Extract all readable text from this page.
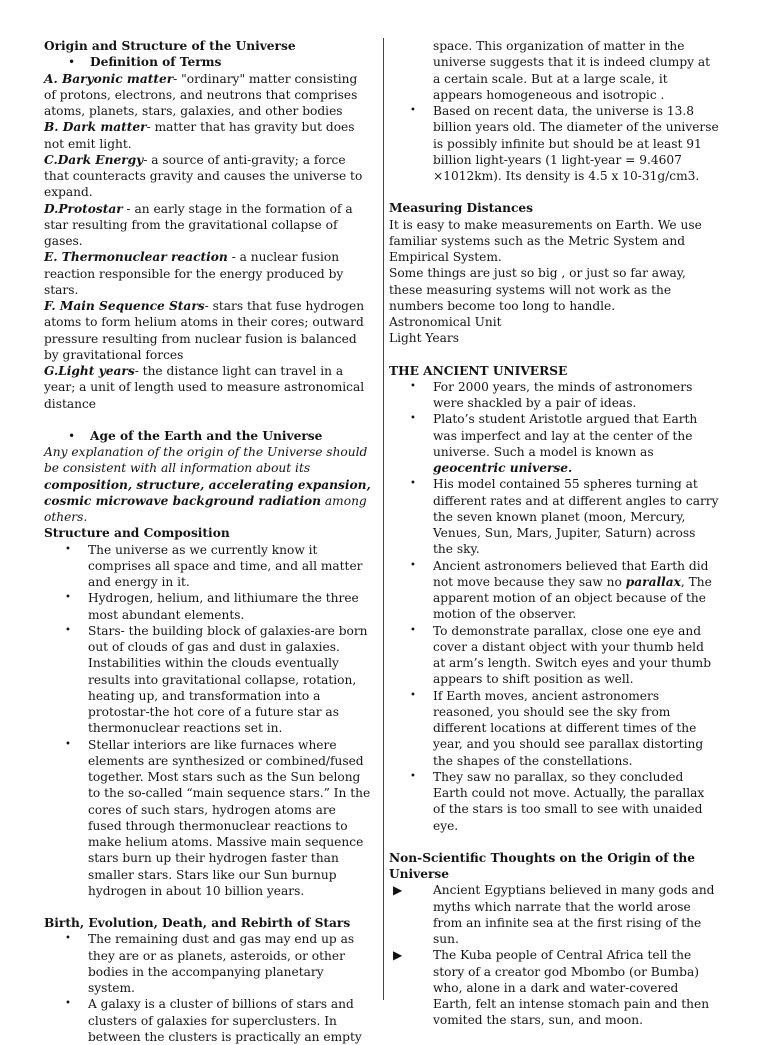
Origin and Structure of the Universe

•	Definition of Terms

A. Baryonic matter- "ordinary" matter consisting of protons, electrons, and neutrons that comprises atoms, planets, stars, galaxies, and other bodies

B. Dark matter- matter that has gravity but does not emit light.

C.Dark Energy- a source of anti-gravity; a force that counteracts gravity and causes the universe to expand.

D.Protostar - an early stage in the formation of a star resulting from the gravitational collapse of gases.

E. Thermonuclear reaction - a nuclear fusion reaction responsible for the energy produced by stars.

F. Main Sequence Stars- stars that fuse hydrogen atoms to form helium atoms in their cores; outward pressure resulting from nuclear fusion is balanced by gravitational forces

G.Light years- the distance light can travel in a year; a unit of length used to measure astronomical distance

•	Age of the Earth and the Universe

Any explanation of the origin of the Universe should be consistent with all information about its composition, structure, accelerating expansion, cosmic microwave background radiation among others.

Structure and Composition

• The universe as we currently know it comprises all space and time, and all matter and energy in it.
• Hydrogen, helium, and lithiumare the three most abundant elements.
• Stars- the building block of galaxies-are born out of clouds of gas and dust in galaxies. Instabilities within the clouds eventually results into gravitational collapse, rotation, heating up, and transformation into a protostar-the hot core of a future star as thermonuclear reactions set in.
• Stellar interiors are like furnaces where elements are synthesized or combined/fused together. Most stars such as the Sun belong to the so-called “main sequence stars.” In the cores of such stars, hydrogen atoms are fused through thermonuclear reactions to make helium atoms. Massive main sequence stars burn up their hydrogen faster than smaller stars. Stars like our Sun burnup hydrogen in about 10 billion years.

Birth, Evolution, Death, and Rebirth of Stars

• The remaining dust and gas may end up as they are or as planets, asteroids, or other bodies in the accompanying planetary system.
• A galaxy is a cluster of billions of stars and clusters of galaxies for superclusters. In between the clusters is practically an empty
space. This organization of matter in the universe suggests that it is indeed clumpy at a certain scale. But at a large scale, it appears homogeneous and isotropic .
• Based on recent data, the universe is 13.8 billion years old. The diameter of the universe is possibly infinite but should be at least 91 billion light-years (1 light-year = 9.4607 ×1012km). Its density is 4.5 x 10-31g/cm3.

Measuring Distances

It is easy to make measurements on Earth. We use familiar systems such as the Metric System and Empirical System.

Some things are just so big , or just so far away, these measuring systems will not work as the numbers become too long to handle.

Astronomical Unit

Light Years

THE ANCIENT UNIVERSE

• For 2000 years, the minds of astronomers were shackled by a pair of ideas.
• Plato’s student Aristotle argued that Earth was imperfect and lay at the center of the universe. Such a model is known as geocentric universe.
• His model contained 55 spheres turning at different rates and at different angles to carry the seven known planet (moon, Mercury, Venues, Sun, Mars, Jupiter, Saturn) across the sky.
• Ancient astronomers believed that Earth did not move because they saw no parallax, The apparent motion of an object because of the motion of the observer.
• To demonstrate parallax, close one eye and cover a distant object with your thumb held at arm’s length. Switch eyes and your thumb appears to shift position as well.
• If Earth moves, ancient astronomers reasoned, you should see the sky from different locations at different times of the year, and you should see parallax distorting the shapes of the constellations.
• They saw no parallax, so they concluded Earth could not move. Actually, the parallax of the stars is too small to see with unaided eye.

Non-Scientific Thoughts on the Origin of the Universe

▶	Ancient Egyptians believed in many gods and myths which narrate that the world arose from an infinite sea at the first rising of the sun.
▶	The Kuba people of Central Africa tell the story of a creator god Mbombo (or Bumba) who, alone in a dark and water-covered Earth, felt an intense stomach pain and then vomited the stars, sun, and moon.
